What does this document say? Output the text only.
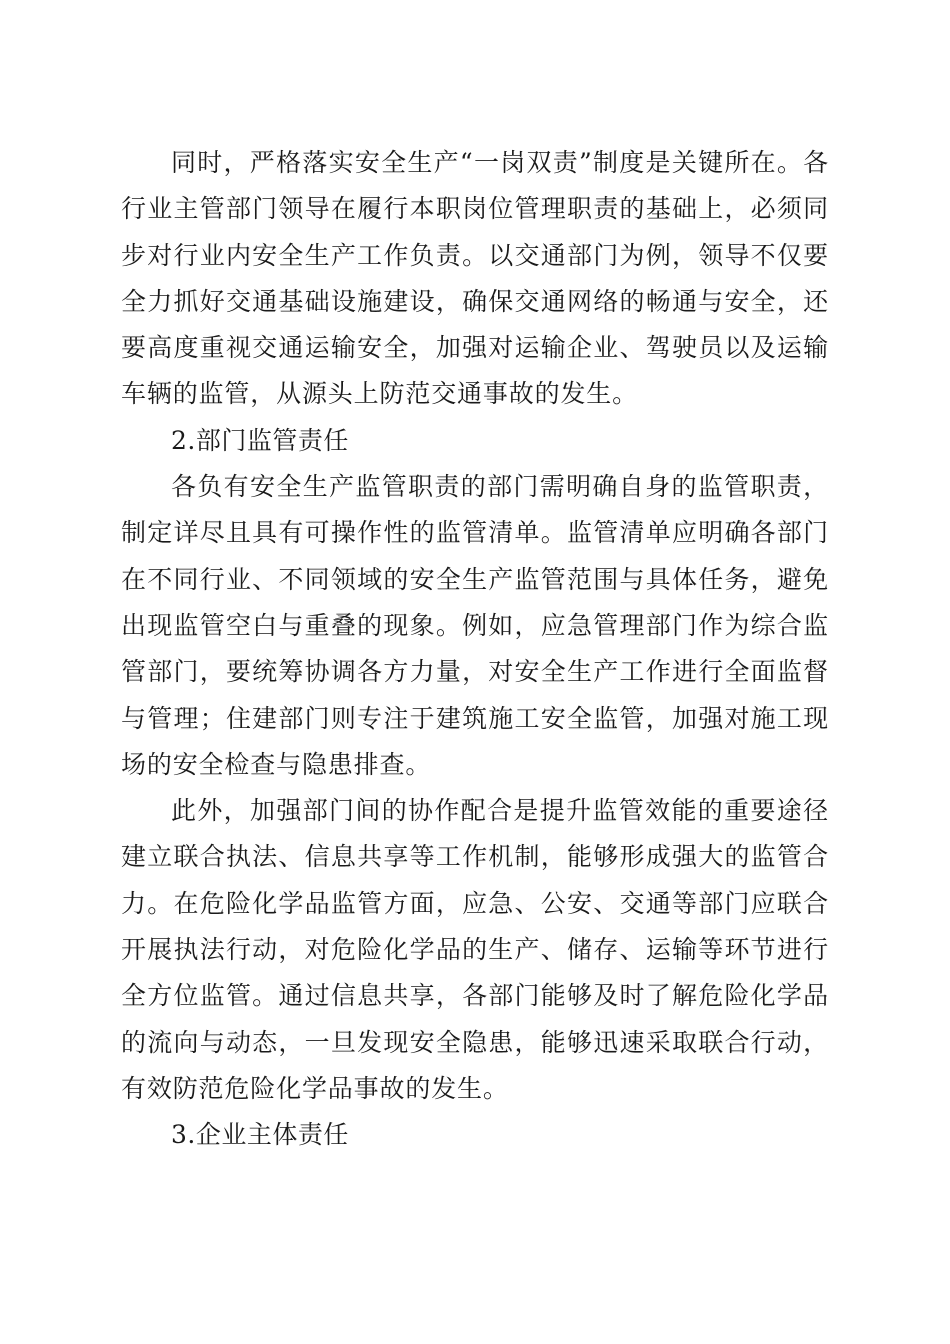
同时，严格落实安全生产“一岗双责”制度是关键所在。各行业主管部门领导在履行本职岗位管理职责的基础上，必须同步对行业内安全生产工作负责。以交通部门为例，领导不仅要全力抓好交通基础设施建设，确保交通网络的畅通与安全，还要高度重视交通运输安全，加强对运输企业、驾驶员以及运输车辆的监管，从源头上防范交通事故的发生。

2.部门监管责任

各负有安全生产监管职责的部门需明确自身的监管职责，制定详尽且具有可操作性的监管清单。监管清单应明确各部门在不同行业、不同领域的安全生产监管范围与具体任务，避免出现监管空白与重叠的现象。例如，应急管理部门作为综合监管部门，要统筹协调各方力量，对安全生产工作进行全面监督与管理；住建部门则专注于建筑施工安全监管，加强对施工现场的安全检查与隐患排查。

此外，加强部门间的协作配合是提升监管效能的重要途径建立联合执法、信息共享等工作机制，能够形成强大的监管合力。在危险化学品监管方面，应急、公安、交通等部门应联合开展执法行动，对危险化学品的生产、储存、运输等环节进行全方位监管。通过信息共享，各部门能够及时了解危险化学品的流向与动态，一旦发现安全隐患，能够迅速采取联合行动，有效防范危险化学品事故的发生。

3.企业主体责任
